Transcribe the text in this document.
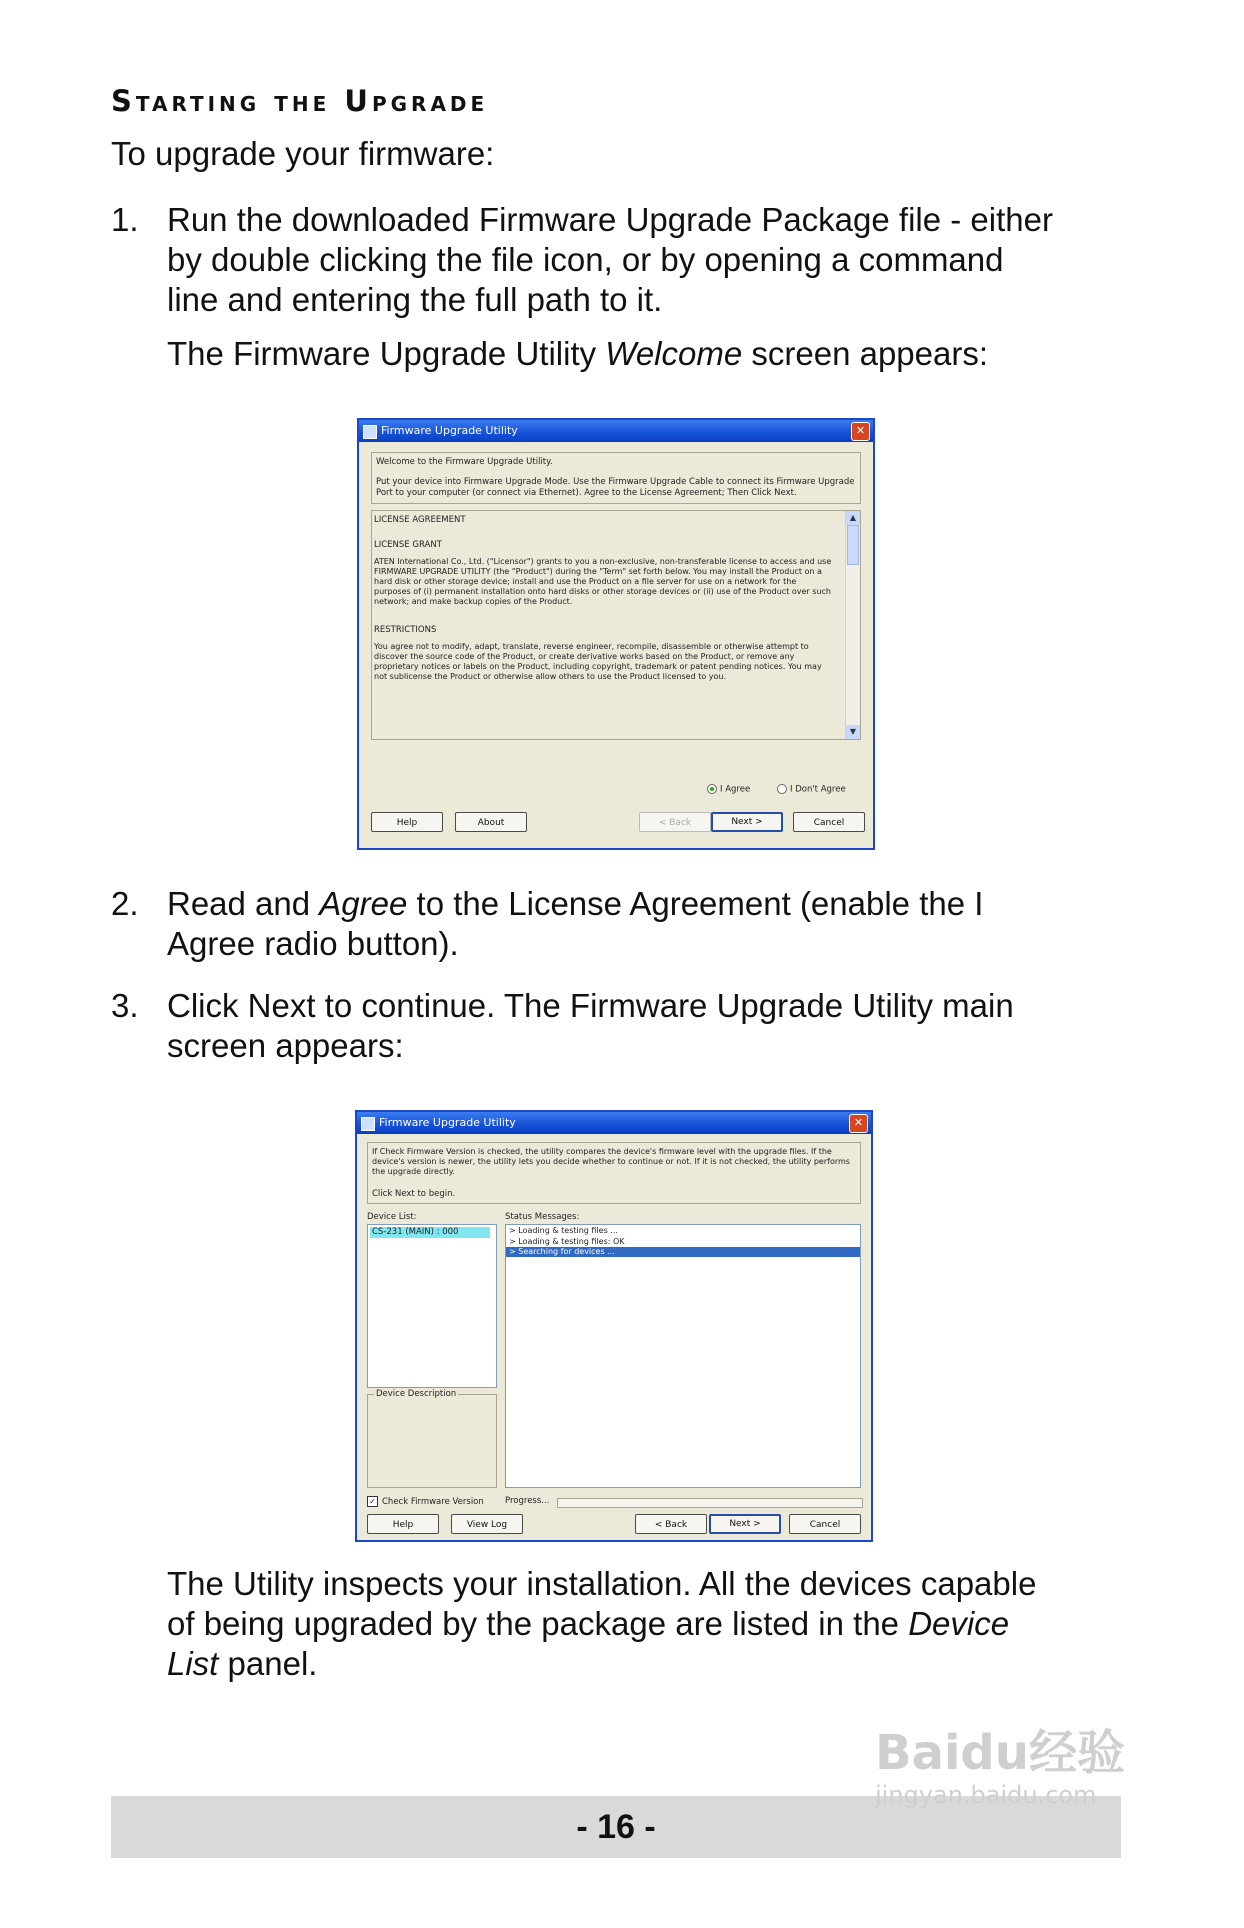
Starting the Upgrade
To upgrade your firmware:
1. Run the downloaded Firmware Upgrade Package file - either
by double clicking the file icon, or by opening a command
line and entering the full path to it.
The Firmware Upgrade Utility Welcome screen appears:
Firmware Upgrade Utility	✕
Welcome to the Firmware Upgrade Utility.
Put your device into Firmware Upgrade Mode. Use the Firmware Upgrade Cable to connect its Firmware Upgrade Port to your computer (or connect via Ethernet). Agree to the License Agreement; Then Click Next.
LICENSE AGREEMENT
LICENSE GRANT
ATEN International Co., Ltd. ("Licensor") grants to you a non-exclusive, non-transferable license to access and use FIRMWARE UPGRADE UTILITY (the "Product") during the "Term" set forth below. You may install the Product on a hard disk or other storage device; install and use the Product on a file server for use on a network for the purposes of (i) permanent installation onto hard disks or other storage devices or (ii) use of the Product over such network; and make backup copies of the Product.
RESTRICTIONS
You agree not to modify, adapt, translate, reverse engineer, recompile, disassemble or otherwise attempt to discover the source code of the Product, or create derivative works based on the Product, or remove any proprietary notices or labels on the Product, including copyright, trademark or patent pending notices. You may not sublicense the Product or otherwise allow others to use the Product licensed to you.
▲
▼
I Agree	I Don't Agree
Help	About	< Back	Next >	Cancel
2. Read and Agree to the License Agreement (enable the I
Agree radio button).
3. Click Next to continue. The Firmware Upgrade Utility main
screen appears:
Firmware Upgrade Utility	✕
If Check Firmware Version is checked, the utility compares the device's firmware level with the upgrade files. If the device's version is newer, the utility lets you decide whether to continue or not. If it is not checked, the utility performs the upgrade directly.
Click Next to begin.
Device List:
CS-231 (MAIN) : 000
Device Description
Status Messages:
> Loading & testing files ...
> Loading & testing files: OK
> Searching for devices ...
✓ Check Firmware Version Progress...
Help	View Log	< Back	Next >	Cancel
The Utility inspects your installation. All the devices capable
of being upgraded by the package are listed in the Device
List panel.
- 16 -
Baidu经验
jingyan.baidu.com
